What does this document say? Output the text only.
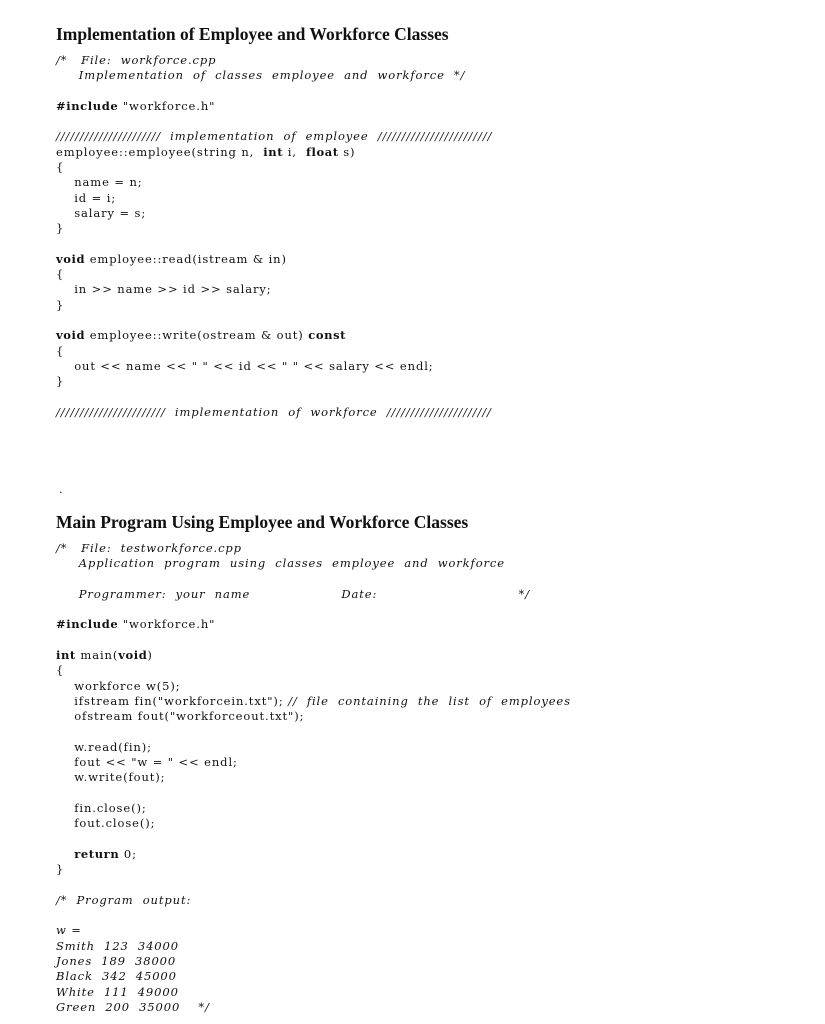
Implementation of Employee and Workforce Classes
/*   File:  workforce.cpp
Implementation  of  classes  employee  and  workforce  */
#include "workforce.h"
//////////////////////  implementation  of  employee  ////////////////////////
employee::employee(string n,  int i,  float s)
{
name = n;
id = i;
salary = s;
}
void employee::read(istream & in)
{
in >> name >> id >> salary;
}
void employee::write(ostream & out) const
{
out << name << " " << id << " " << salary << endl;
}
///////////////////////  implementation  of  workforce  //////////////////////
.
Main Program Using Employee and Workforce Classes
/*   File:  testworkforce.cpp
Application  program  using  classes  employee  and  workforce
Programmer:  your  name                    Date:                               */
#include "workforce.h"
int main(void)
{
workforce w(5);
ifstream fin("workforcein.txt"); //  file  containing  the  list  of  employees
ofstream fout("workforceout.txt");
w.read(fin);
fout << "w = " << endl;
w.write(fout);
fin.close();
fout.close();
return 0;
}
/*  Program  output:
w =
Smith  123  34000
Jones  189  38000
Black  342  45000
White  111  49000
Green  200  35000    */
